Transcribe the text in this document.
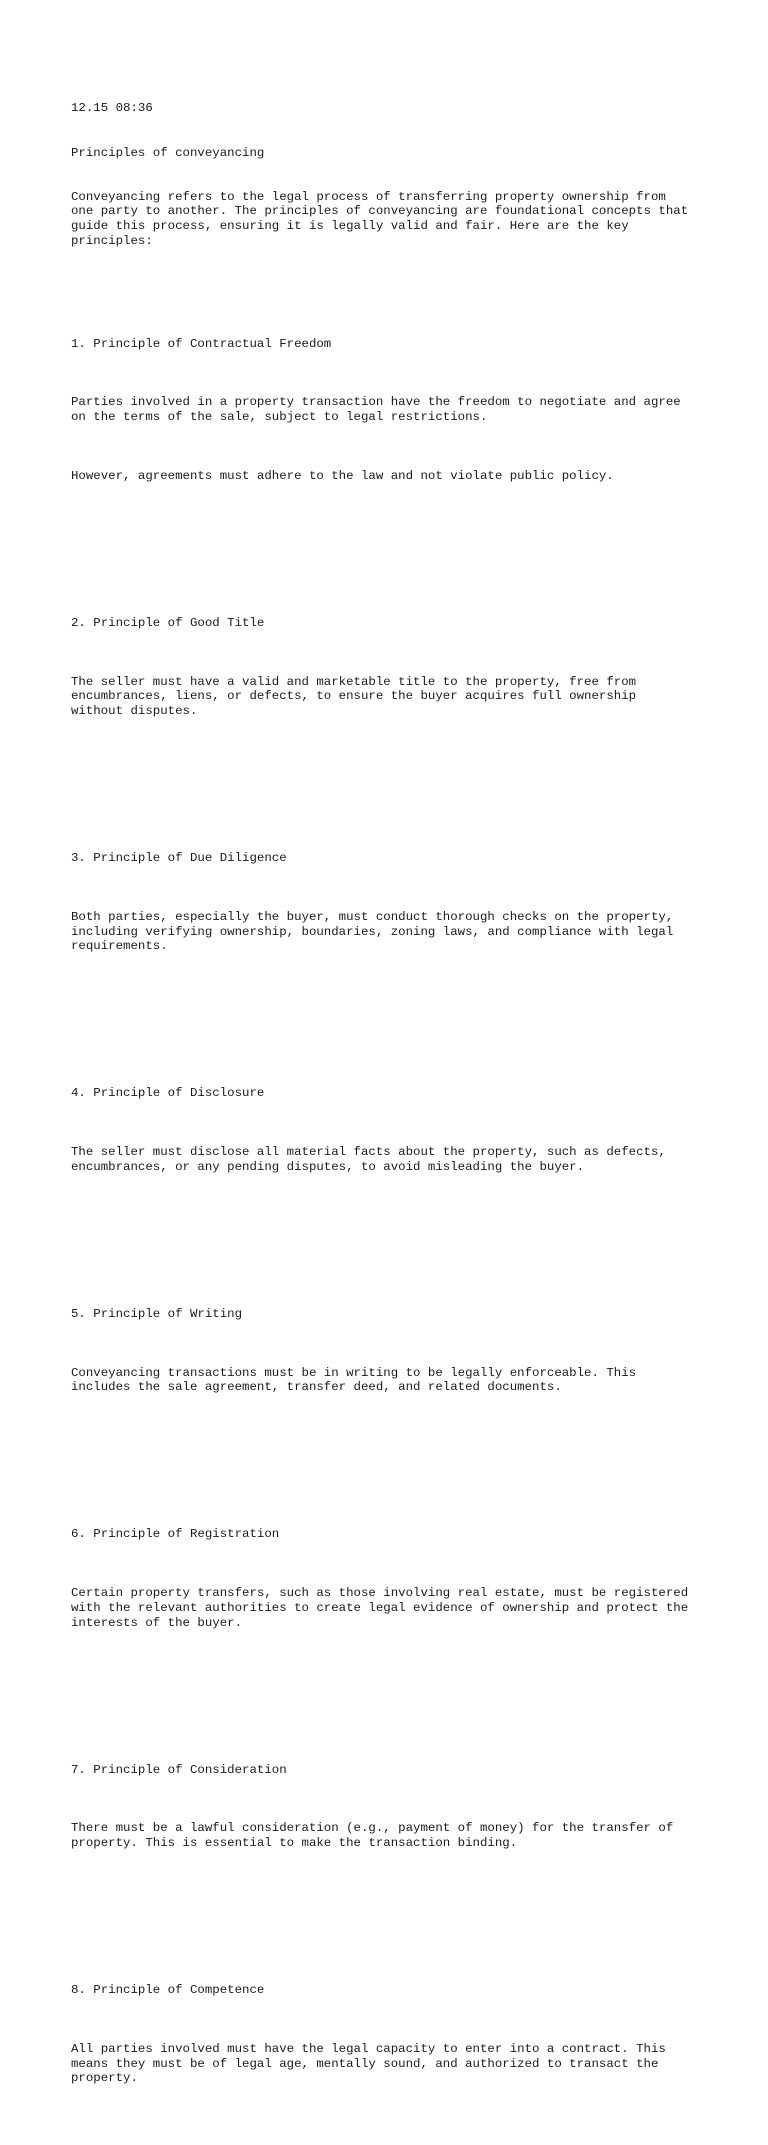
12.15 08:36

Principles of conveyancing

Conveyancing refers to the legal process of transferring property ownership from
one party to another. The principles of conveyancing are foundational concepts that
guide this process, ensuring it is legally valid and fair. Here are the key
principles:

1. Principle of Contractual Freedom

Parties involved in a property transaction have the freedom to negotiate and agree
on the terms of the sale, subject to legal restrictions.

However, agreements must adhere to the law and not violate public policy.

2. Principle of Good Title

The seller must have a valid and marketable title to the property, free from
encumbrances, liens, or defects, to ensure the buyer acquires full ownership
without disputes.

3. Principle of Due Diligence

Both parties, especially the buyer, must conduct thorough checks on the property,
including verifying ownership, boundaries, zoning laws, and compliance with legal
requirements.

4. Principle of Disclosure

The seller must disclose all material facts about the property, such as defects,
encumbrances, or any pending disputes, to avoid misleading the buyer.

5. Principle of Writing

Conveyancing transactions must be in writing to be legally enforceable. This
includes the sale agreement, transfer deed, and related documents.

6. Principle of Registration

Certain property transfers, such as those involving real estate, must be registered
with the relevant authorities to create legal evidence of ownership and protect the
interests of the buyer.

7. Principle of Consideration

There must be a lawful consideration (e.g., payment of money) for the transfer of
property. This is essential to make the transaction binding.

8. Principle of Competence

All parties involved must have the legal capacity to enter into a contract. This
means they must be of legal age, mentally sound, and authorized to transact the
property.
